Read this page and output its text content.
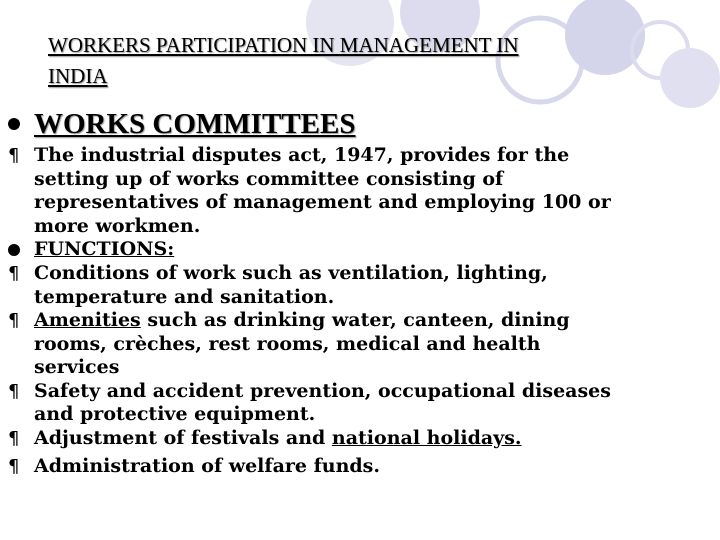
WORKERS PARTICIPATION IN MANAGEMENT IN
INDIA
WORKS COMMITTEES
¶ The industrial disputes act, 1947, provides for the
setting up of works committee consisting of
representatives of management and employing 100 or
more workmen.
FUNCTIONS:
¶ Conditions of work such as ventilation, lighting,
temperature and sanitation.
¶ Amenities such as drinking water, canteen, dining
rooms, crèches, rest rooms, medical and health
services
¶ Safety and accident prevention, occupational diseases
and protective equipment.
¶ Adjustment of festivals and national holidays.
¶ Administration of welfare funds.
